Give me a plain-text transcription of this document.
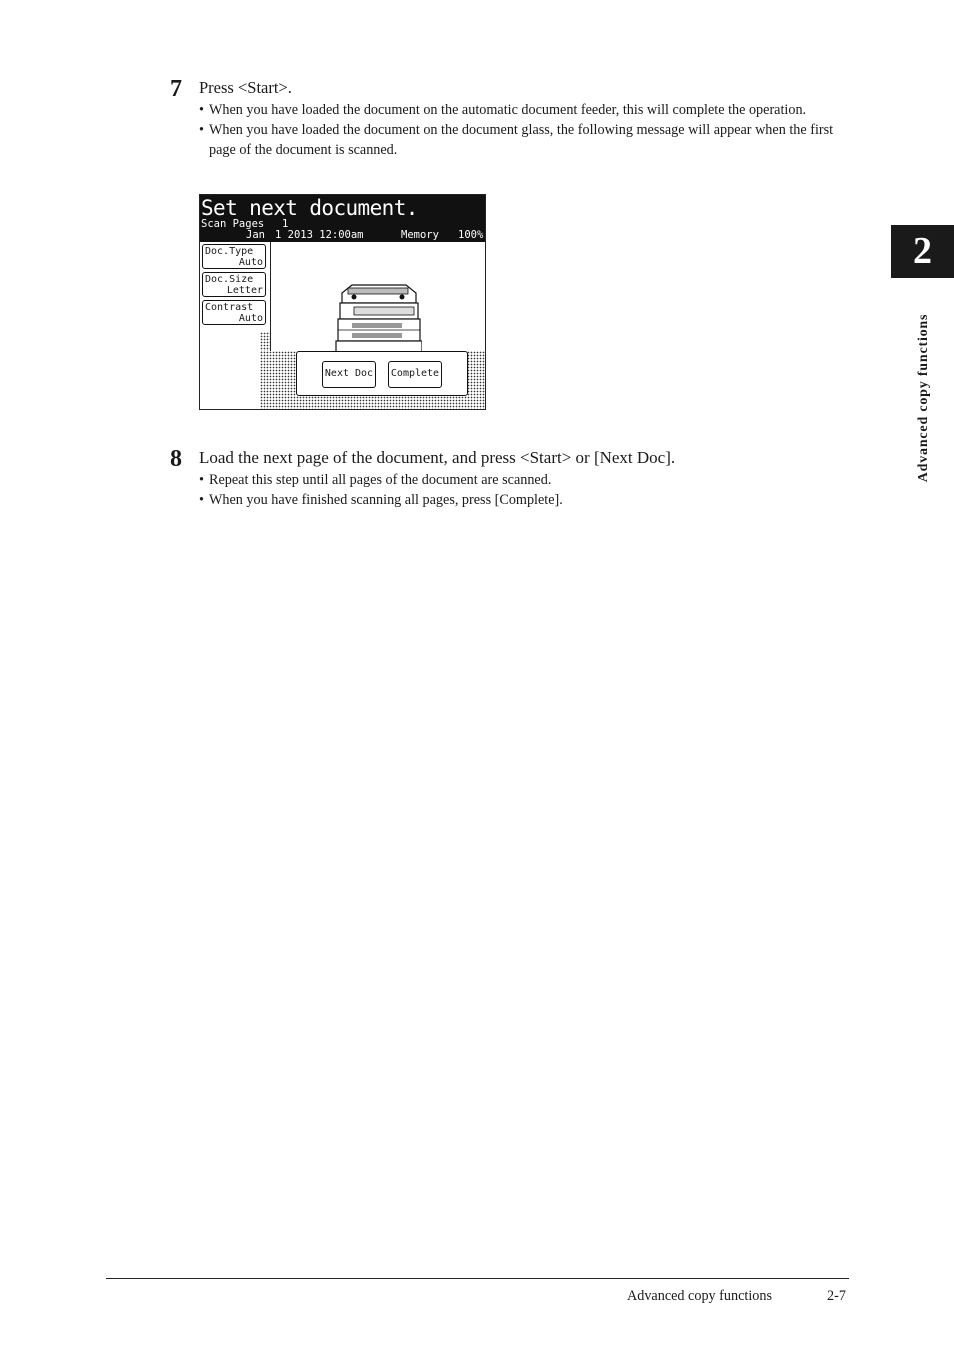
7 Press <Start>.
• When you have loaded the document on the automatic document feeder, this will complete the operation.
• When you have loaded the document on the document glass, the following message will appear when the first page of the document is scanned.
Set next document.
Scan Pages 1
Jan 1 2013 12:00am	Memory 100%
Doc.Type
Auto
Doc.Size
Letter
Contrast
Auto
Next Doc Complete
8 Load the next page of the document, and press <Start> or [Next Doc].
• Repeat this step until all pages of the document are scanned.
• When you have finished scanning all pages, press [Complete].
2
Advanced copy functions
Advanced copy functions	2-7
